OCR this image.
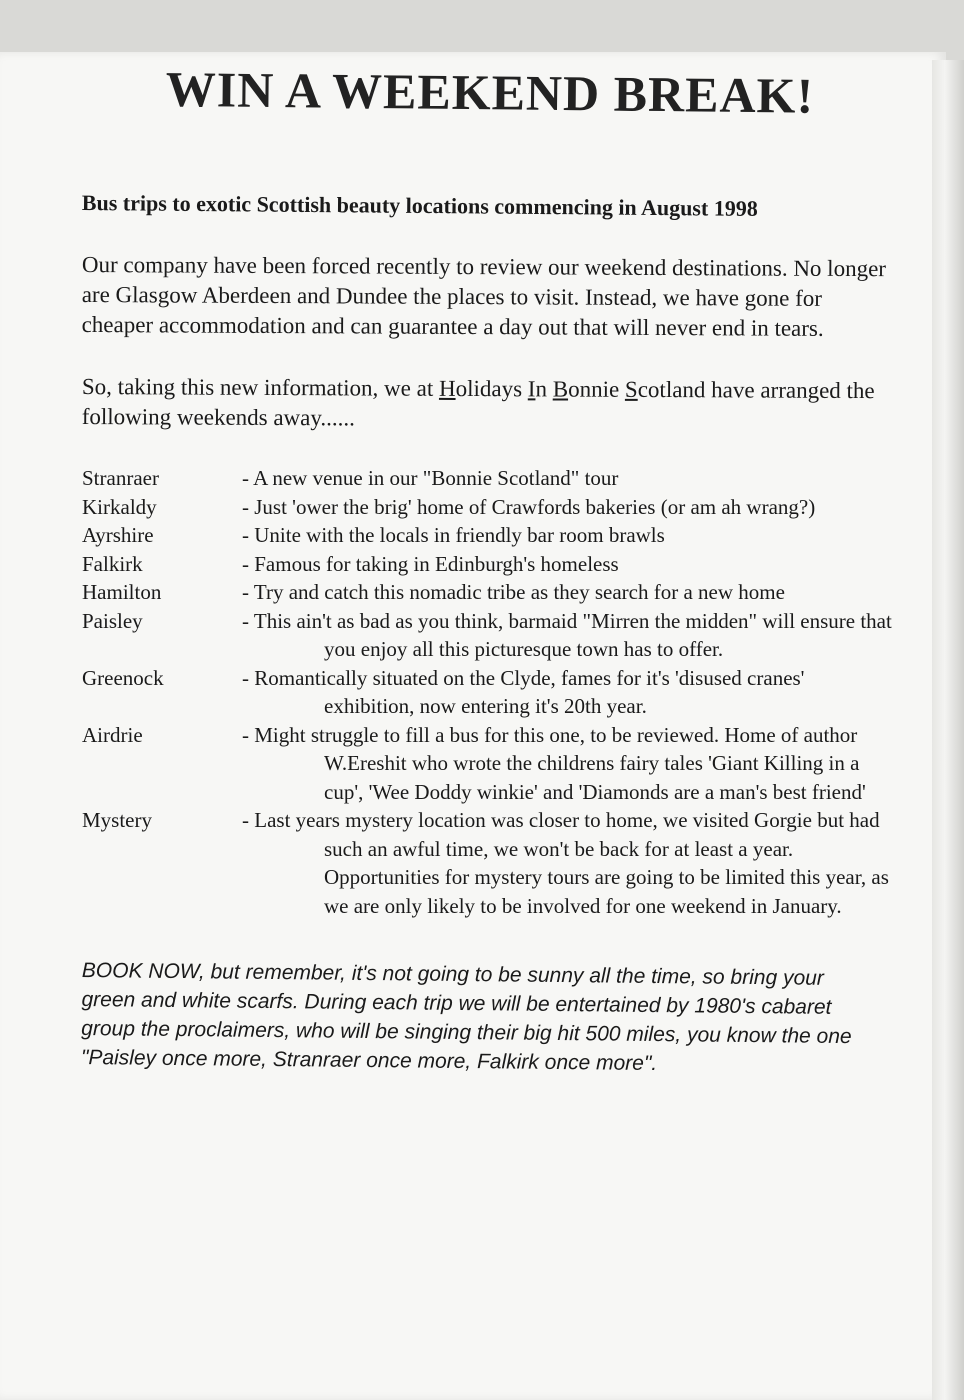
WIN A WEEKEND BREAK!

Bus trips to exotic Scottish beauty locations commencing in August 1998

Our company have been forced recently to review our weekend destinations. No longer are Glasgow Aberdeen and Dundee the places to visit. Instead, we have gone for cheaper accommodation and can guarantee a day out that will never end in tears.

So, taking this new information, we at Holidays In Bonnie Scotland have arranged the following weekends away......

Stranraer	- A new venue in our "Bonnie Scotland" tour
Kirkaldy	- Just 'ower the brig' home of Crawfords bakeries (or am ah wrang?)
Ayrshire	- Unite with the locals in friendly bar room brawls
Falkirk	- Famous for taking in Edinburgh's homeless
Hamilton	- Try and catch this nomadic tribe as they search for a new home
Paisley	- This ain't as bad as you think, barmaid "Mirren the midden" will ensure that you enjoy all this picturesque town has to offer.
Greenock	- Romantically situated on the Clyde, fames for it's 'disused cranes' exhibition, now entering it's 20th year.
Airdrie	- Might struggle to fill a bus for this one, to be reviewed. Home of author W.Ereshit who wrote the childrens fairy tales 'Giant Killing in a cup', 'Wee Doddy winkie' and 'Diamonds are a man's best friend'
Mystery	- Last years mystery location was closer to home, we visited Gorgie but had such an awful time, we won't be back for at least a year. Opportunities for mystery tours are going to be limited this year, as we are only likely to be involved for one weekend in January.

BOOK NOW, but remember, it's not going to be sunny all the time, so bring your green and white scarfs. During each trip we will be entertained by 1980's cabaret group the proclaimers, who will be singing their big hit 500 miles, you know the one "Paisley once more, Stranraer once more, Falkirk once more".
